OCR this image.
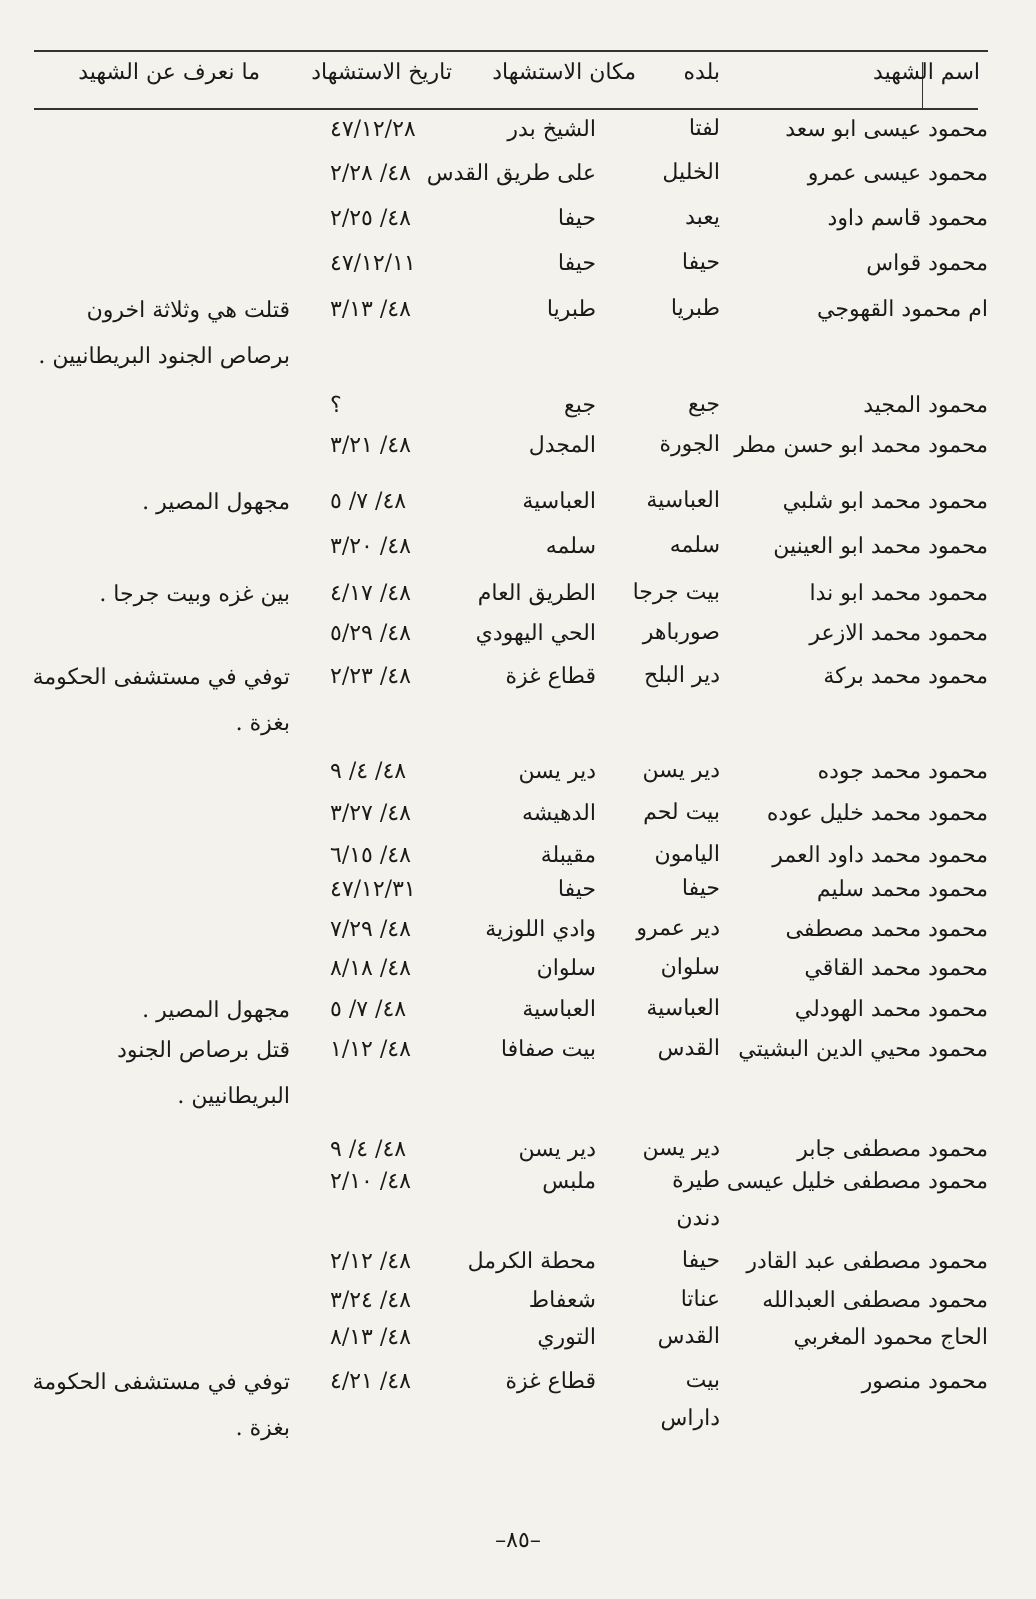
اسم الشهيد
بلده
مكان الاستشهاد
تاريخ الاستشهاد
ما نعرف عن الشهيد
محمود عيسى ابو سعد
لفتا
الشيخ بدر
٤٧/١٢/٢٨
محمود عيسى عمرو
الخليل
على طريق القدس
٤٨/ ٢/٢٨
محمود قاسم داود
يعبد
حيفا
٤٨/ ٢/٢٥
محمود قواس
حيفا
حيفا
٤٧/١٢/١١
ام محمود القهوجي
طبريا
طبريا
٤٨/ ٣/١٣
قتلت هي وثلاثة اخرون برصاص الجنود البريطانيين .
محمود المجيد
جبع
جبع
؟
محمود محمد ابو حسن مطر
الجورة
المجدل
٤٨/ ٣/٢١
محمود محمد ابو شلبي
العباسية
العباسية
٤٨/ ٧/ ٥
مجهول المصير .
محمود محمد ابو العينين
سلمه
سلمه
٤٨/ ٣/٢٠
محمود محمد ابو ندا
بيت جرجا
الطريق العام
٤٨/ ٤/١٧
بين غزه وبيت جرجا .
محمود محمد الازعر
صورباهر
الحي اليهودي
٤٨/ ٥/٢٩
محمود محمد بركة
دير البلح
قطاع غزة
٤٨/ ٢/٢٣
توفي في مستشفى الحكومة بغزة .
محمود محمد جوده
دير يسن
دير يسن
٤٨/ ٤/ ٩
محمود محمد خليل عوده
بيت لحم
الدهيشه
٤٨/ ٣/٢٧
محمود محمد داود العمر
اليامون
مقيبلة
٤٨/ ٦/١٥
محمود محمد سليم
حيفا
حيفا
٤٧/١٢/٣١
محمود محمد مصطفى
دير عمرو
وادي اللوزية
٤٨/ ٧/٢٩
محمود محمد القاقي
سلوان
سلوان
٤٨/ ٨/١٨
محمود محمد الهودلي
العباسية
العباسية
٤٨/ ٧/ ٥
مجهول المصير .
محمود محيي الدين البشيتي
القدس
بيت صفافا
٤٨/ ١/١٢
قتل برصاص الجنود البريطانيين .
محمود مصطفى جابر
دير يسن
دير يسن
٤٨/ ٤/ ٩
محمود مصطفى خليل عيسى
طيرة دندن
ملبس
٤٨/ ٢/١٠
محمود مصطفى عبد القادر
حيفا
محطة الكرمل
٤٨/ ٢/١٢
محمود مصطفى العبدالله
عناتا
شعفاط
٤٨/ ٣/٢٤
الحاج محمود المغربي
القدس
التوري
٤٨/ ٨/١٣
محمود منصور
بيت داراس
قطاع غزة
٤٨/ ٤/٢١
توفي في مستشفى الحكومة بغزة .
–٨٥–
